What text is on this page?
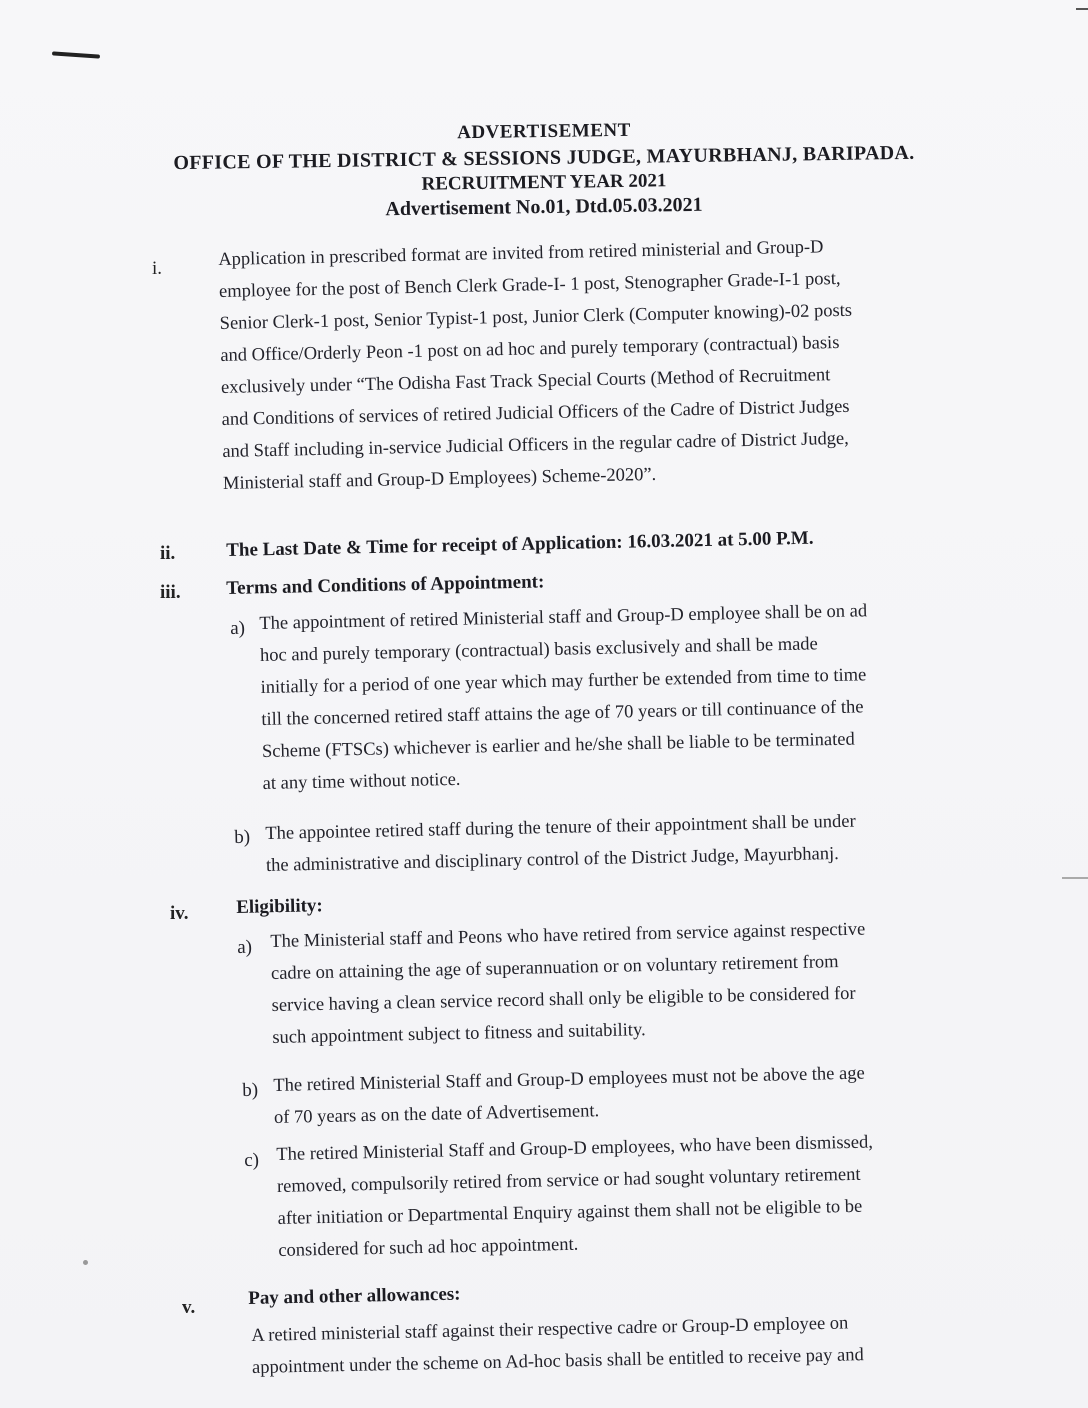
ADVERTISEMENT
OFFICE OF THE DISTRICT & SESSIONS JUDGE, MAYURBHANJ, BARIPADA.
RECRUITMENT YEAR 2021
Advertisement No.01, Dtd.05.03.2021
i.	Application in prescribed format are invited from retired ministerial and Group-D
employee for the post of Bench Clerk Grade-I- 1 post, Stenographer Grade-I-1 post,
Senior Clerk-1 post, Senior Typist-1 post, Junior Clerk (Computer knowing)-02 posts
and Office/Orderly Peon -1 post on ad hoc and purely temporary (contractual) basis
exclusively under “The Odisha Fast Track Special Courts (Method of Recruitment
and Conditions of services of retired Judicial Officers of the Cadre of District Judges
and Staff including in-service Judicial Officers in the regular cadre of District Judge,
Ministerial staff and Group-D Employees) Scheme-2020”.
ii.	The Last Date & Time for receipt of Application: 16.03.2021 at 5.00 P.M.
iii. Terms and Conditions of Appointment:
a) The appointment of retired Ministerial staff and Group-D employee shall be on ad
hoc and purely temporary (contractual) basis exclusively and shall be made
initially for a period of one year which may further be extended from time to time
till the concerned retired staff attains the age of 70 years or till continuance of the
Scheme (FTSCs) whichever is earlier and he/she shall be liable to be terminated
at any time without notice.
b) The appointee retired staff during the tenure of their appointment shall be under
the administrative and disciplinary control of the District Judge, Mayurbhanj.
iv.	Eligibility:
a) The Ministerial staff and Peons who have retired from service against respective
cadre on attaining the age of superannuation or on voluntary retirement from
service having a clean service record shall only be eligible to be considered for
such appointment subject to fitness and suitability.
b) The retired Ministerial Staff and Group-D employees must not be above the age
of 70 years as on the date of Advertisement.
c) The retired Ministerial Staff and Group-D employees, who have been dismissed,
removed, compulsorily retired from service or had sought voluntary retirement
after initiation or Departmental Enquiry against them shall not be eligible to be
considered for such ad hoc appointment.
v.	Pay and other allowances:
A retired ministerial staff against their respective cadre or Group-D employee on
appointment under the scheme on Ad-hoc basis shall be entitled to receive pay and
